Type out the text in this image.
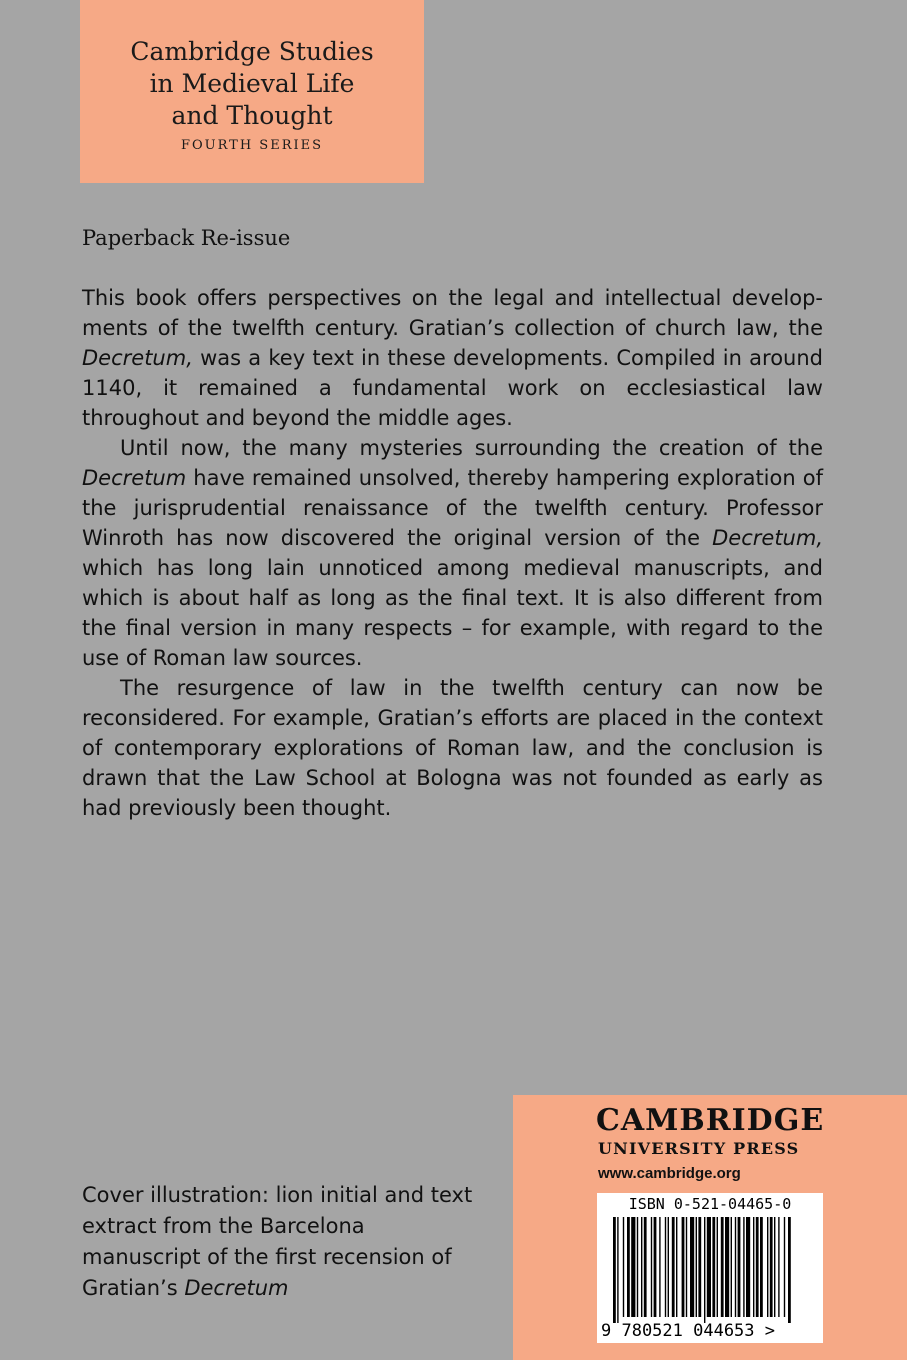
Cambridge Studies
in Medieval Life
and Thought
FOURTH SERIES
Paperback Re-issue

This book offers perspectives on the legal and intellectual develop-ments of the twelfth century. Gratian’s collection of church law, the Decretum, was a key text in these developments. Compiled in around 1140, it remained a fundamental work on ecclesiastical law throughout and beyond the middle ages.

Until now, the many mysteries surrounding the creation of the Decretum have remained unsolved, thereby hampering exploration of the jurisprudential renaissance of the twelfth century. Professor Winroth has now discovered the original version of the Decretum, which has long lain unnoticed among medieval manuscripts, and which is about half as long as the final text. It is also different from the final version in many respects – for example, with regard to the use of Roman law sources.

The resurgence of law in the twelfth century can now be reconsidered. For example, Gratian’s efforts are placed in the context of contemporary explorations of Roman law, and the conclusion is drawn that the Law School at Bologna was not founded as early as had previously been thought.

Cover illustration: lion initial and text extract from the Barcelona manuscript of the first recension of Gratian’s Decretum
CAMBRIDGE
UNIVERSITY PRESS
www.cambridge.org
ISBN 0-521-04465-0
9 780521 044653 >
